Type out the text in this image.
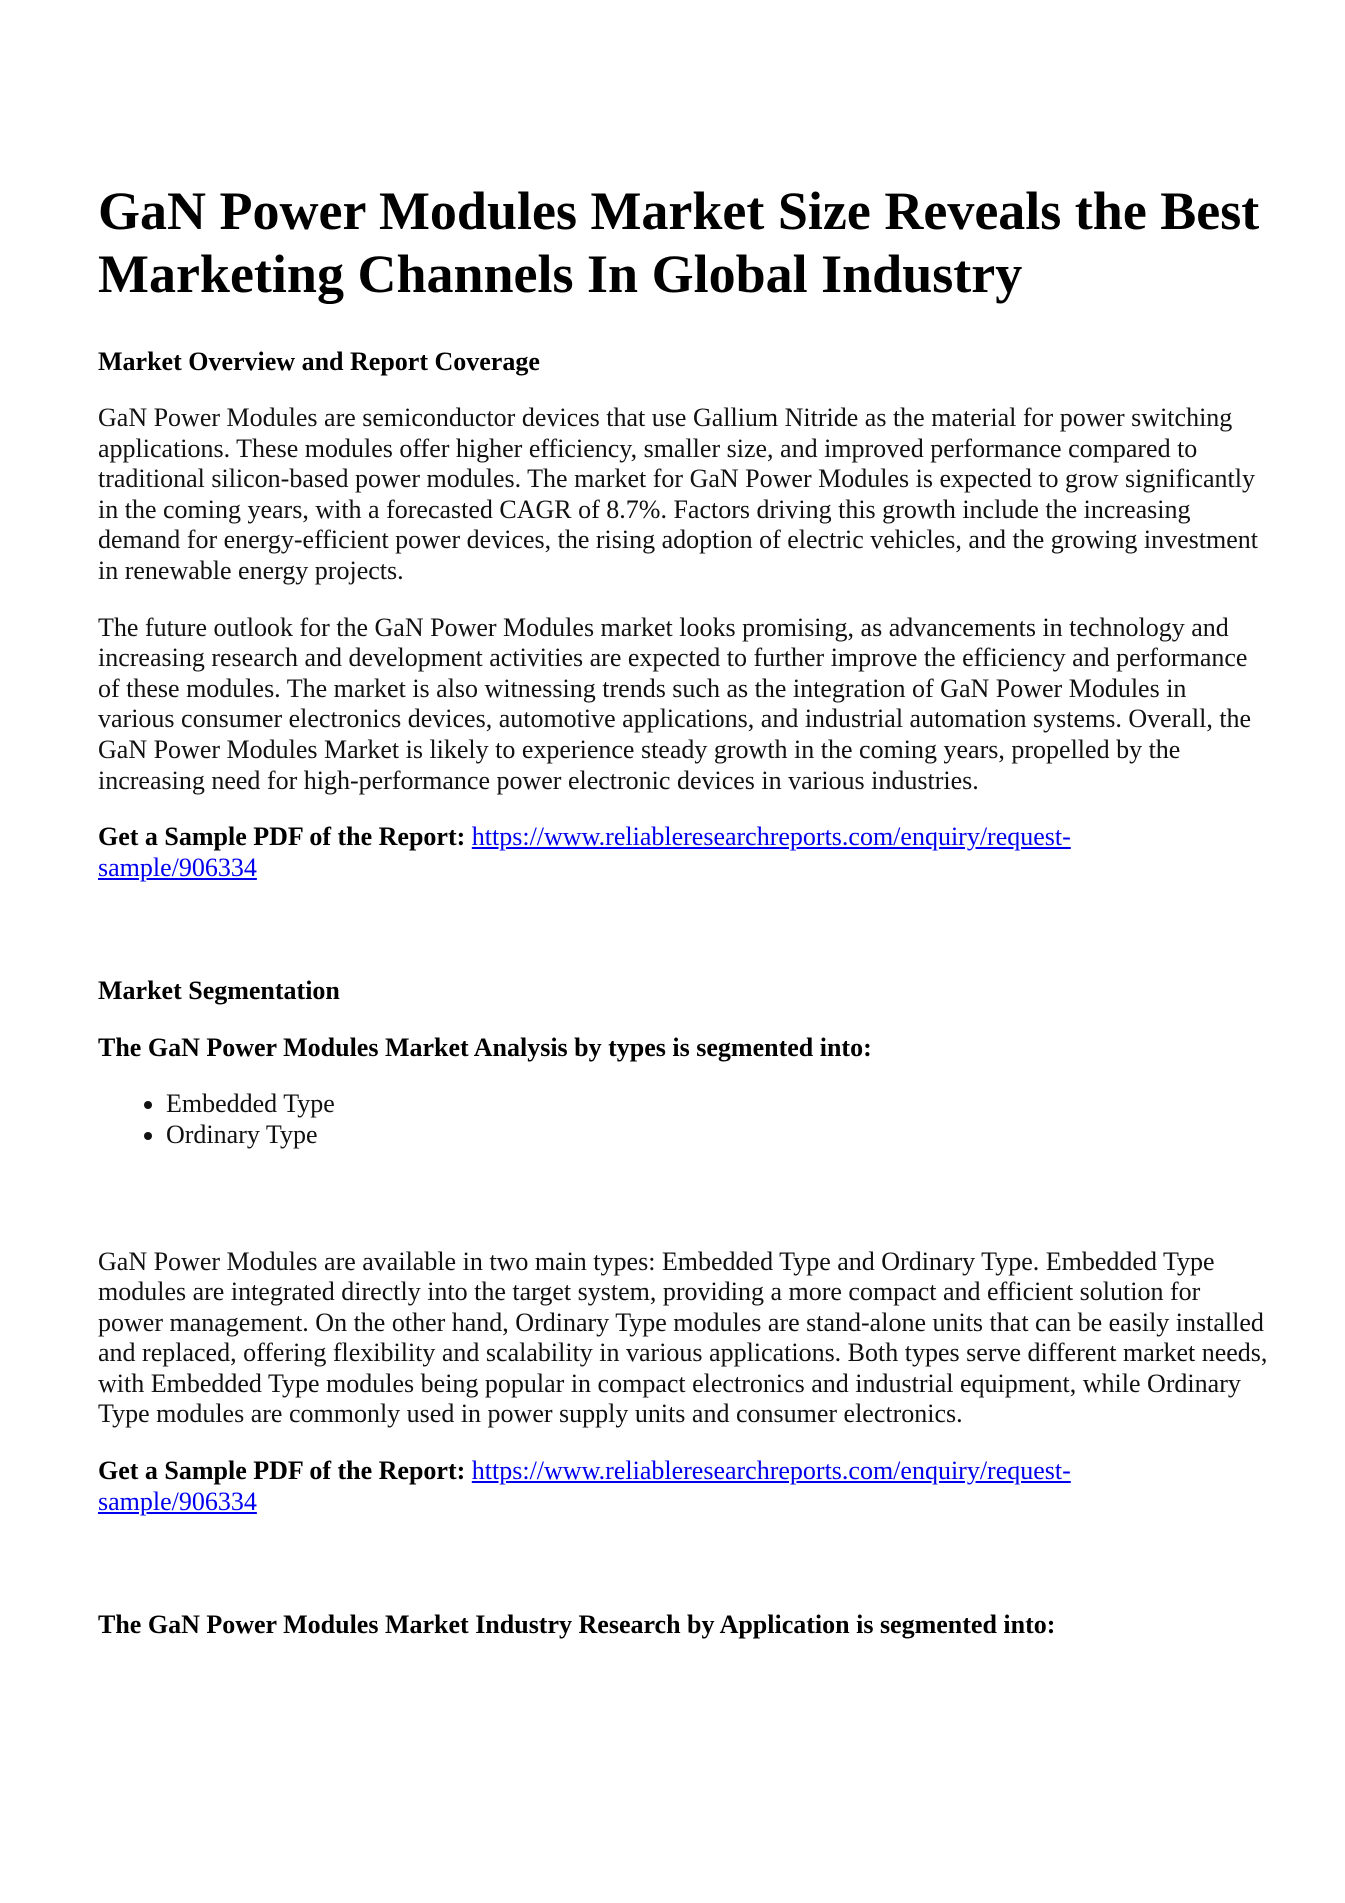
GaN Power Modules Market Size Reveals the Best Marketing Channels In Global Industry
Market Overview and Report Coverage

GaN Power Modules are semiconductor devices that use Gallium Nitride as the material for power switching applications. These modules offer higher efficiency, smaller size, and improved performance compared to traditional silicon-based power modules. The market for GaN Power Modules is expected to grow significantly in the coming years, with a forecasted CAGR of 8.7%. Factors driving this growth include the increasing demand for energy-efficient power devices, the rising adoption of electric vehicles, and the growing investment in renewable energy projects.

The future outlook for the GaN Power Modules market looks promising, as advancements in technology and increasing research and development activities are expected to further improve the efficiency and performance of these modules. The market is also witnessing trends such as the integration of GaN Power Modules in various consumer electronics devices, automotive applications, and industrial automation systems. Overall, the GaN Power Modules Market is likely to experience steady growth in the coming years, propelled by the increasing need for high-performance power electronic devices in various industries.

Get a Sample PDF of the Report: https://www.reliableresearchreports.com/enquiry/request-
sample/906334
Market Segmentation
The GaN Power Modules Market Analysis by types is segmented into:
• Embedded Type
• Ordinary Type

GaN Power Modules are available in two main types: Embedded Type and Ordinary Type. Embedded Type modules are integrated directly into the target system, providing a more compact and efficient solution for power management. On the other hand, Ordinary Type modules are stand-alone units that can be easily installed and replaced, offering flexibility and scalability in various applications. Both types serve different market needs, with Embedded Type modules being popular in compact electronics and industrial equipment, while Ordinary Type modules are commonly used in power supply units and consumer electronics.

Get a Sample PDF of the Report: https://www.reliableresearchreports.com/enquiry/request-
sample/906334
The GaN Power Modules Market Industry Research by Application is segmented into:
